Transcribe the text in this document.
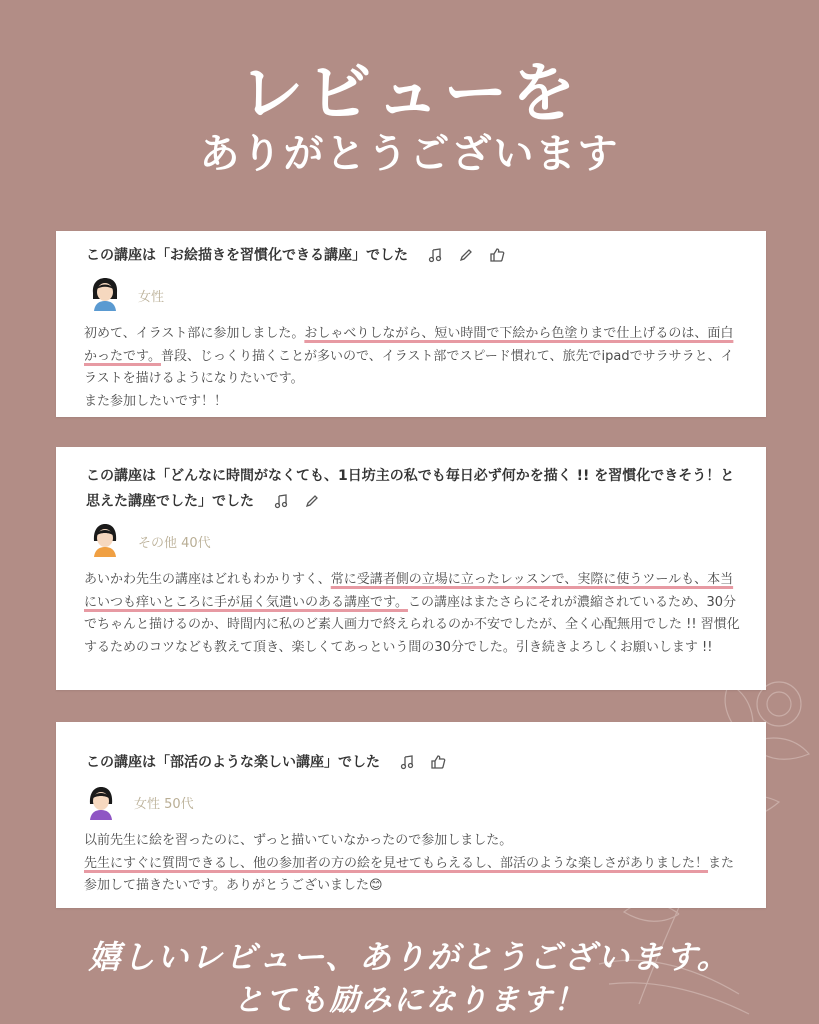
レビューを
ありがとうございます
この講座は「お絵描きを習慣化できる講座」でした
女性
初めて、イラスト部に参加しました。おしゃべりしながら、短い時間で下絵から色塗りまで仕上げるのは、面白かったです。普段、じっくり描くことが多いので、イラスト部でスピード慣れて、旅先でipadでサラサラと、イラストを描けるようになりたいです。
また参加したいです！！
この講座は「どんなに時間がなくても、1日坊主の私でも毎日必ず何かを描く !! を習慣化できそう！と思えた講座でした」でした
その他 40代
あいかわ先生の講座はどれもわかりすく、常に受講者側の立場に立ったレッスンで、実際に使うツールも、本当にいつも痒いところに手が届く気遣いのある講座です。この講座はまたさらにそれが濃縮されているため、30分でちゃんと描けるのか、時間内に私のど素人画力で終えられるのか不安でしたが、全く心配無用でした !! 習慣化するためのコツなども教えて頂き、楽しくてあっという間の30分でした。引き続きよろしくお願いします !!
この講座は「部活のような楽しい講座」でした
女性 50代
以前先生に絵を習ったのに、ずっと描いていなかったので参加しました。
先生にすぐに質問できるし、他の参加者の方の絵を見せてもらえるし、部活のような楽しさがありました！また参加して描きたいです。ありがとうございました😊
嬉しいレビュー、ありがとうございます。
とても励みになります！
